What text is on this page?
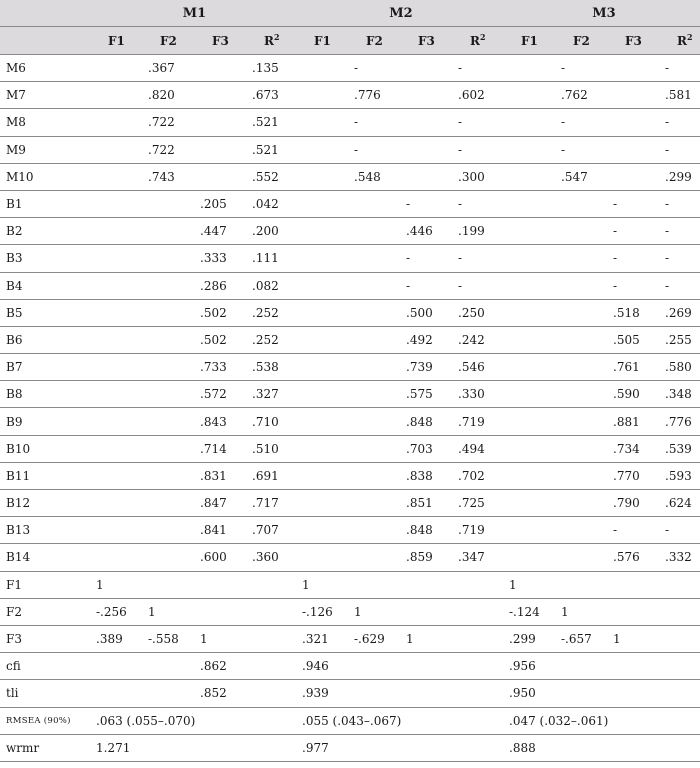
	M1				M2				M3			
	F1	F2	F3	$R^2$	F1	F2	F3	$R^2$	F1	F2	F3	$R^2$
M6		.367		.135		-		-		-		-
M7		.820		.673		.776		.602		.762		.581
M8		.722		.521		-		-		-		-
M9		.722		.521		-		-		-		-
M10		.743		.552		.548		.300		.547		.299
B1			.205	.042			-	-			-	-
B2			.447	.200			.446	.199			-	-
B3			.333	.111			-	-			-	-
B4			.286	.082			-	-			-	-
B5			.502	.252			.500	.250			.518	.269
B6			.502	.252			.492	.242			.505	.255
B7			.733	.538			.739	.546			.761	.580
B8			.572	.327			.575	.330			.590	.348
B9			.843	.710			.848	.719			.881	.776
B10			.714	.510			.703	.494			.734	.539
B11			.831	.691			.838	.702			.770	.593
B12			.847	.717			.851	.725			.790	.624
B13			.841	.707			.848	.719			-	-
B14			.600	.360			.859	.347			.576	.332
F1	1				1				1			
F2	-.256	1			-.126	1			-.124	1		
F3	.389	-.558	1		.321	-.629	1		.299	-.657	1	
cfi			.862		.946				.956			
tli			.852		.939				.950			
RMSEA (90%)	.063 (.055–.070)				.055 (.043–.067)				.047 (.032–.061)			
wrmr	1.271				.977				.888			
